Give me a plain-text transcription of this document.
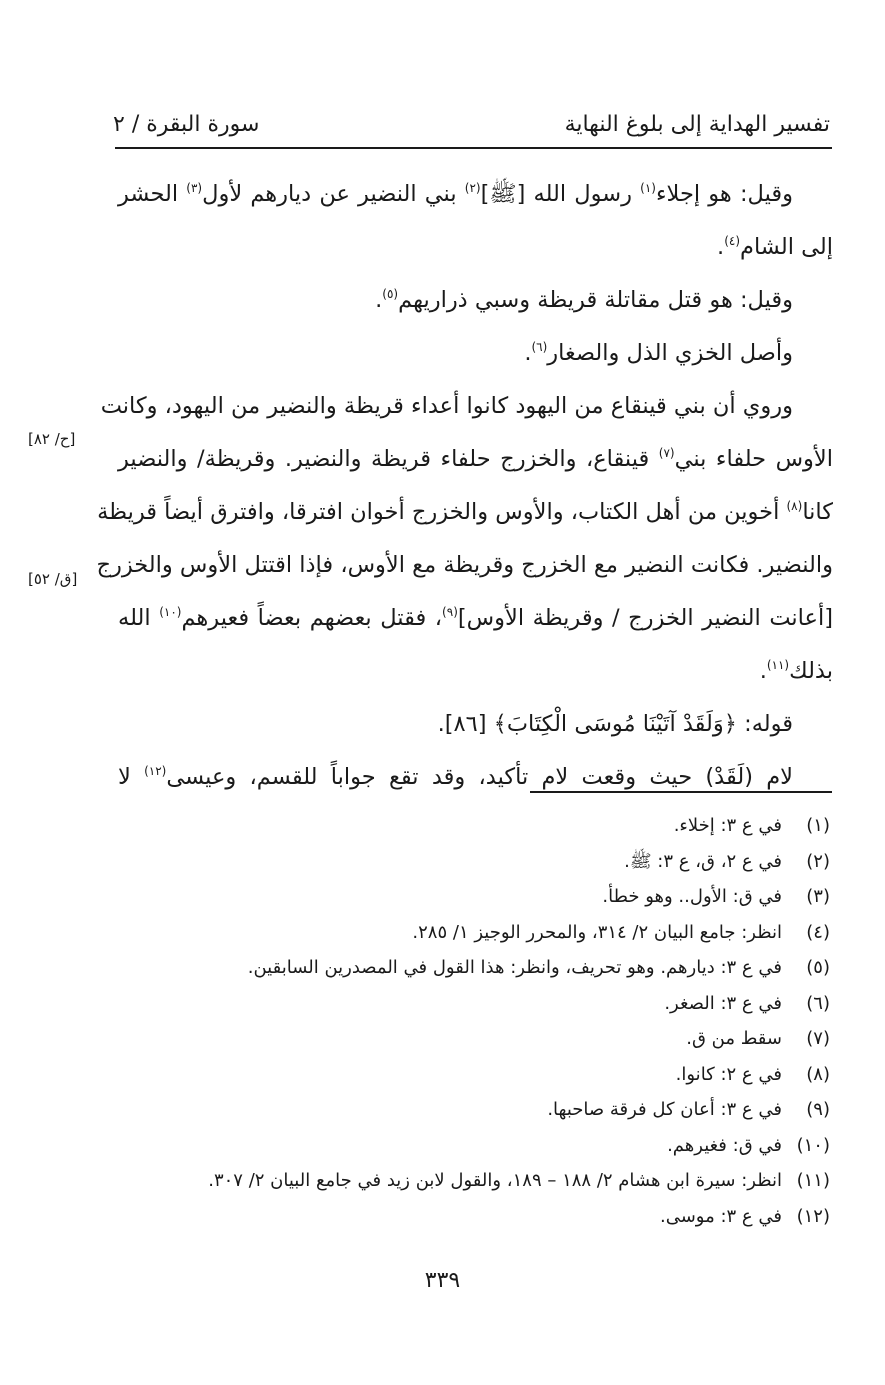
تفسير الهداية إلى بلوغ النهاية
سورة البقرة / ٢
وقيل: هو إجلاء$^{(١)}$ رسول الله [ﷺ]$^{(٢)}$ بني النضير عن ديارهم لأول$^{(٣)}$ الحشر
إلى الشام$^{(٤)}$.
وقيل: هو قتل مقاتلة قريظة وسبي ذراريهم$^{(٥)}$.
وأصل الخزي الذل والصغار$^{(٦)}$.
وروي أن بني قينقاع من اليهود كانوا أعداء قريظة والنضير من اليهود، وكانت
الأوس حلفاء بني$^{(٧)}$ قينقاع، والخزرج حلفاء قريظة والنضير. وقريظة/ والنضير
كانا$^{(٨)}$ أخوين من أهل الكتاب، والأوس والخزرج أخوان افترقا، وافترق أيضاً قريظة
والنضير. فكانت النضير مع الخزرج وقريظة مع الأوس، فإذا اقتتل الأوس والخزرج
[أعانت النضير الخزرج / وقريظة الأوس]$^{(٩)}$، فقتل بعضهم بعضاً فعيرهم$^{(١٠)}$ الله
بذلك$^{(١١)}$.
قوله: ﴿وَلَقَدْ آتَيْنَا مُوسَى الْكِتَابَ﴾ [٨٦].
لام (لَقَدْ) حيث وقعت لام تأكيد، وقد تقع جواباً للقسم، وعيسى$^{(١٢)}$ لا
[ح/ ٨٢]
[ق/ ٥٢]
(١)في ع ٣: إخلاء.
(٢)في ع ٢، ق، ع ٣: ﷺ.
(٣)في ق: الأول.. وهو خطأ.
(٤)انظر: جامع البيان ٢/ ٣١٤، والمحرر الوجيز ١/ ٢٨٥.
(٥)في ع ٣: ديارهم. وهو تحريف، وانظر: هذا القول في المصدرين السابقين.
(٦)في ع ٣: الصغر.
(٧)سقط من ق.
(٨)في ع ٢: كانوا.
(٩)في ع ٣: أعان كل فرقة صاحبها.
(١٠)في ق: فغيرهم.
(١١)انظر: سيرة ابن هشام ٢/ ١٨٨ – ١٨٩، والقول لابن زيد في جامع البيان ٢/ ٣٠٧.
(١٢)في ع ٣: موسى.
٣٣٩
